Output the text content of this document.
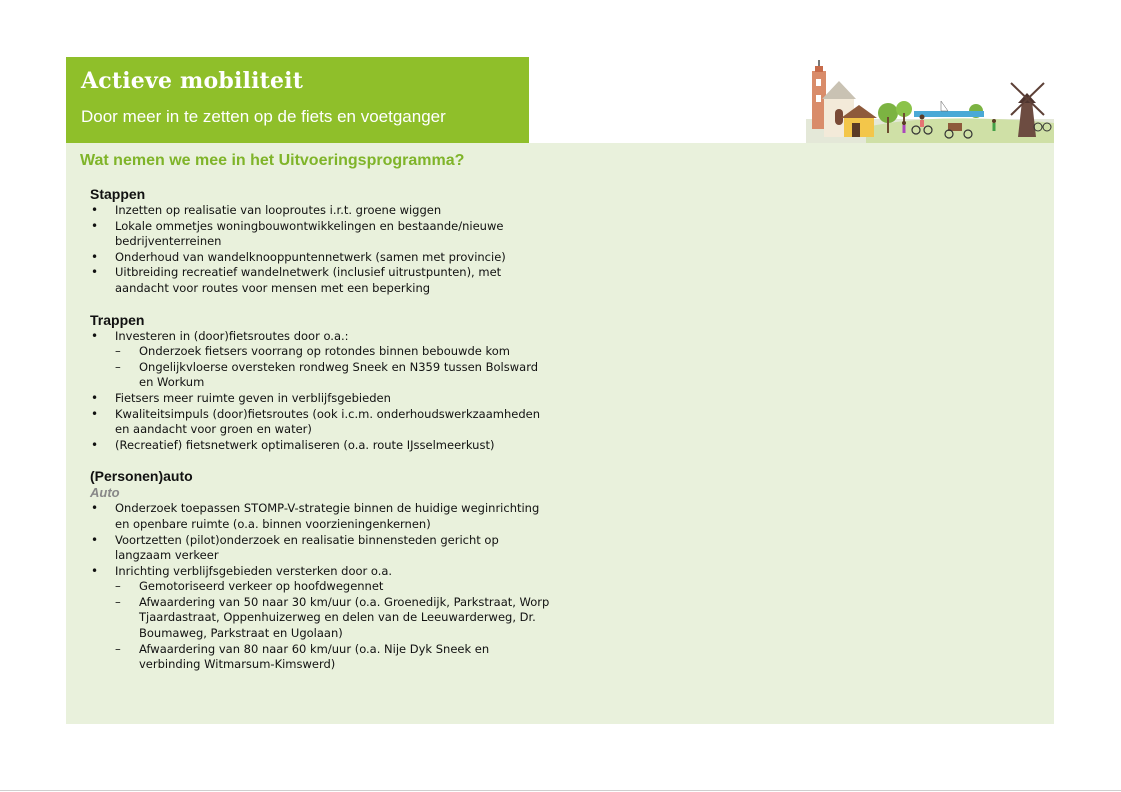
Actieve mobiliteit

Door meer in te zetten op de fiets en voetganger

Wat nemen we mee in het Uitvoeringsprogramma?

Stappen

• Inzetten op realisatie van looproutes i.r.t. groene wiggen
• Lokale ommetjes woningbouwontwikkelingen en bestaande/nieuwe bedrijventerreinen
• Onderhoud van wandelknooppuntennetwerk (samen met provincie)
• Uitbreiding recreatief wandelnetwerk (inclusief uitrustpunten), met aandacht voor routes voor mensen met een beperking

Trappen

• Investeren in (door)fietsroutes door o.a.:
– Onderzoek fietsers voorrang op rotondes binnen bebouwde kom
– Ongelijkvloerse oversteken rondweg Sneek en N359 tussen Bolsward en Workum
• Fietsers meer ruimte geven in verblijfsgebieden
• Kwaliteitsimpuls (door)fietsroutes (ook i.c.m. onderhoudswerkzaamheden en aandacht voor groen en water)
• (Recreatief) fietsnetwerk optimaliseren (o.a. route IJsselmeerkust)

(Personen)auto

Auto

• Onderzoek toepassen STOMP-V-strategie binnen de huidige weginrichting en openbare ruimte (o.a. binnen voorzieningenkernen)
• Voortzetten (pilot)onderzoek en realisatie binnensteden gericht op langzaam verkeer
• Inrichting verblijfsgebieden versterken door o.a.
– Gemotoriseerd verkeer op hoofdwegennet
– Afwaardering van 50 naar 30 km/uur (o.a. Groenedijk, Parkstraat, Worp Tjaardastraat, Oppenhuizerweg en delen van de Leeuwarderweg, Dr. Boumaweg, Parkstraat en Ugolaan)
– Afwaardering van 80 naar 60 km/uur (o.a. Nije Dyk Sneek en verbinding Witmarsum-Kimswerd)
